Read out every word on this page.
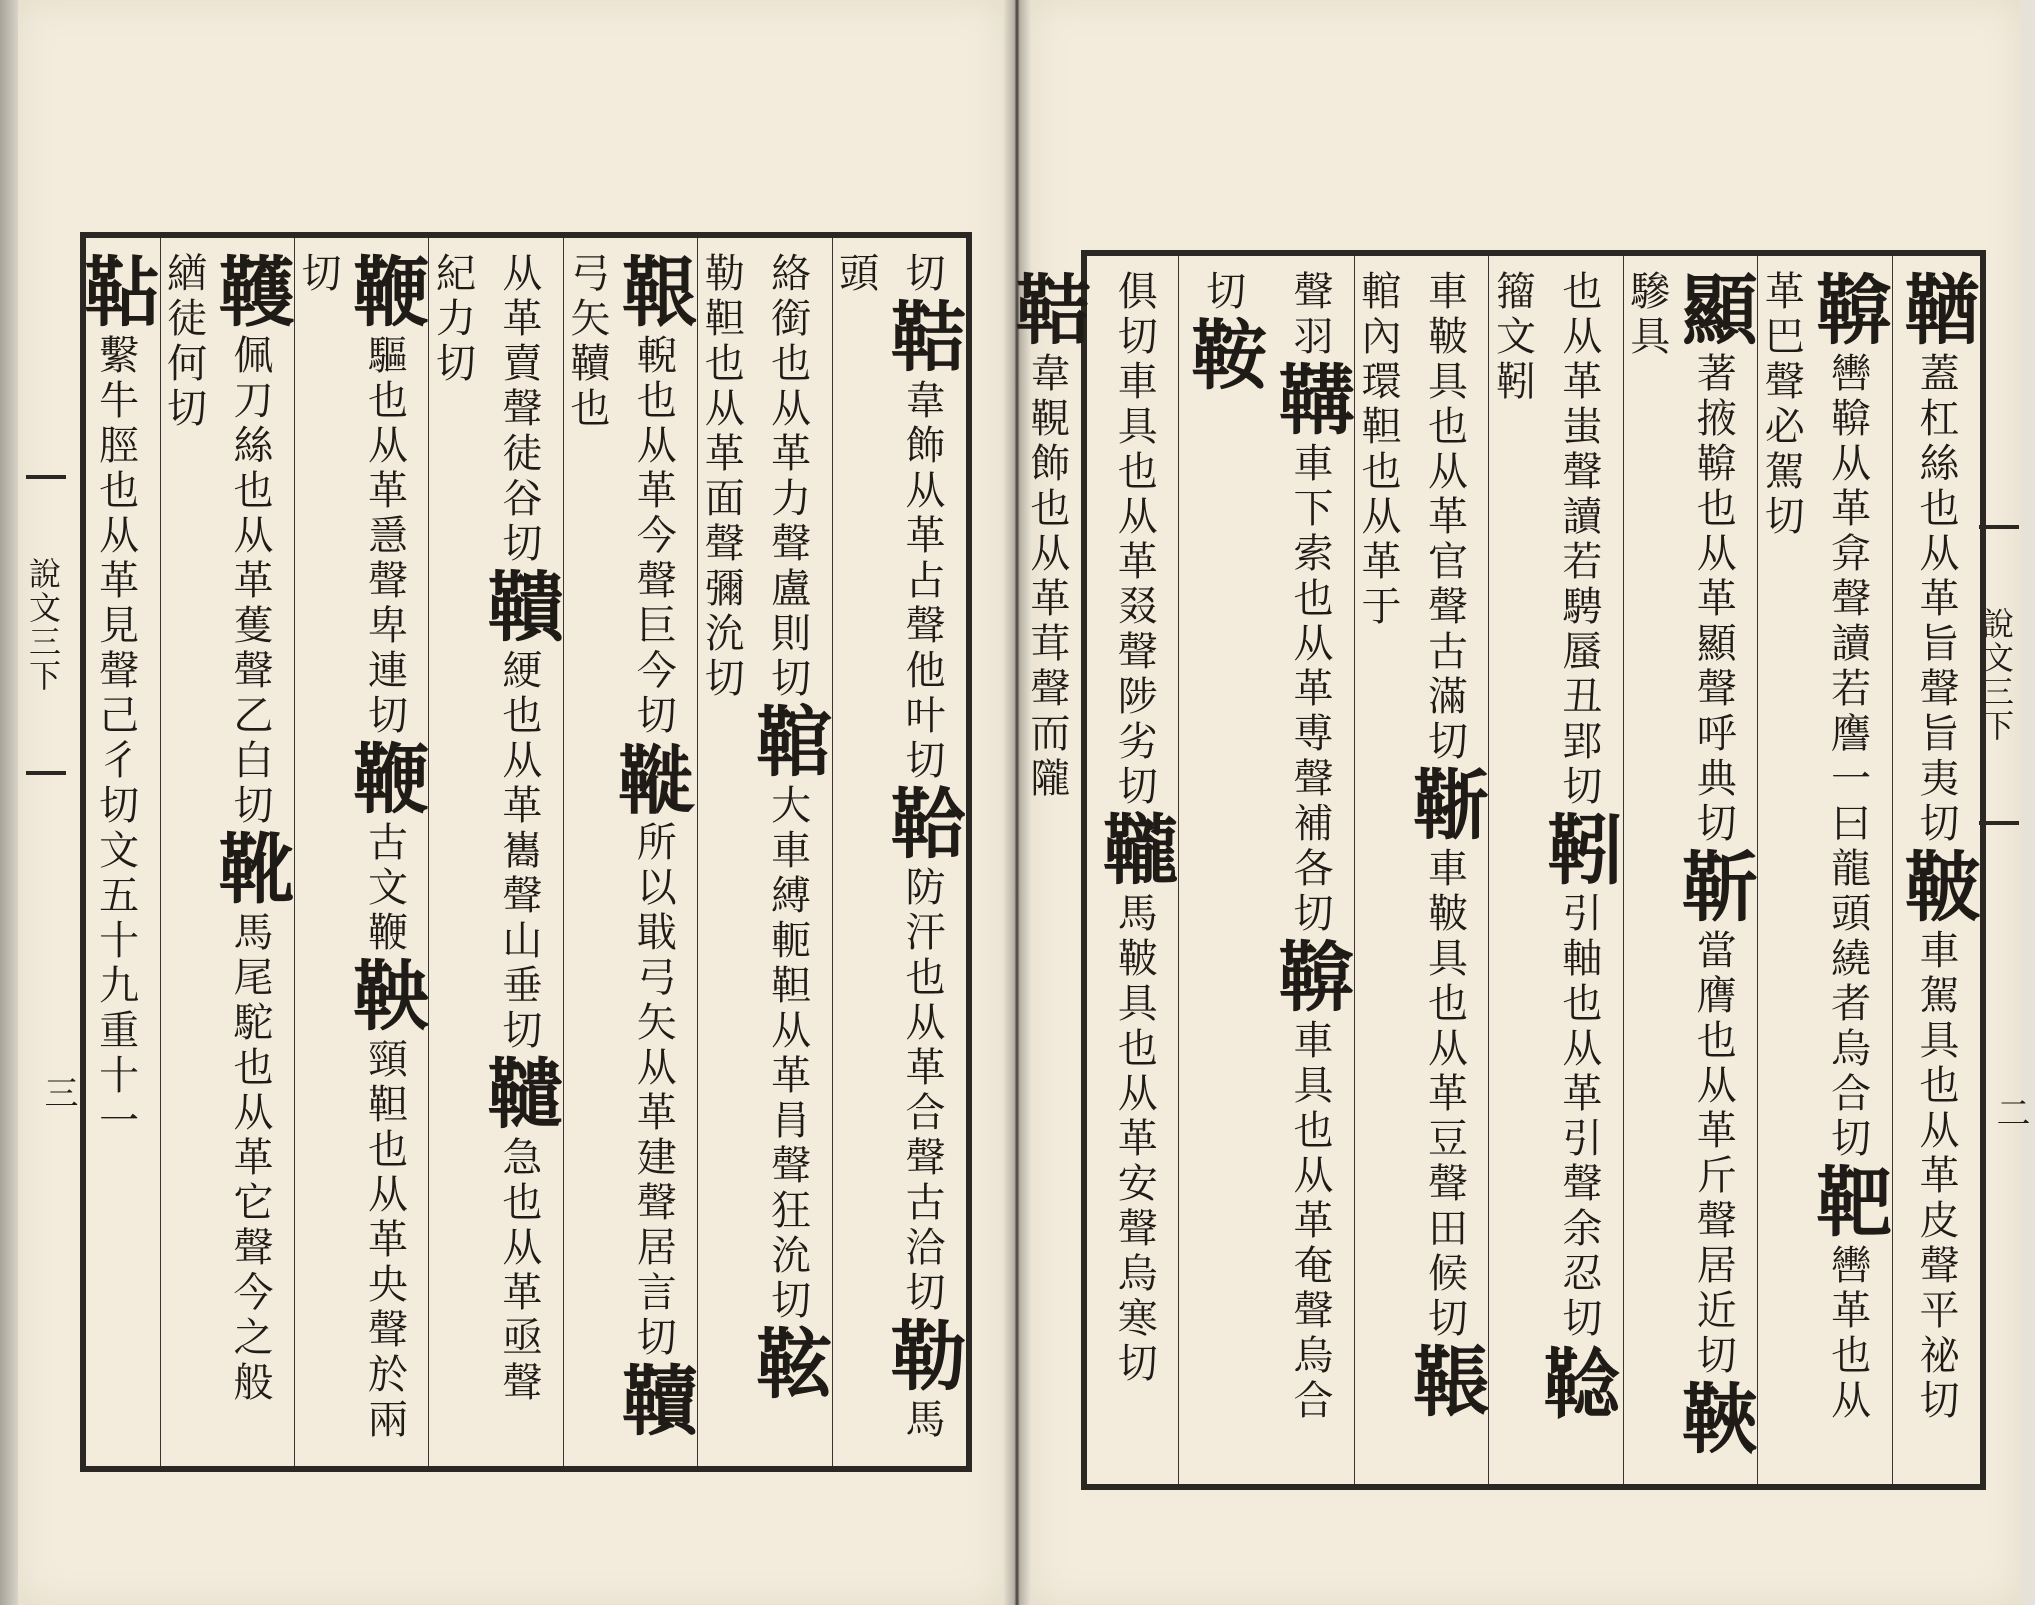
說文三下
三
切鞊韋飾从革占聲他叶切鞈防汗也从革合聲古洽切勒馬頭
絡銜也从革力聲盧則切䩪大車縛軛靼从革肙聲狂沇切䩙勒靼也从革面聲彌沇切
鞎輗也从革今聲巨今切𩌦所以戢弓矢从革建聲居言切韇弓矢韇也
从革賣聲徒谷切鞼綆也从革巂聲山垂切䪈急也从革亟聲紀力切
鞭驅也从革㥯聲卑連切鞭古文鞭鞅頸靼也从革央聲於兩切
韄佩刀絲也从革蒦聲乙白切靴馬尾駝也从革它聲今之般緧徒何切
䩞繫牛脛也从革見聲己彳切文五十九重十一	說文三下
二
鞧蓋杠絲也从革旨聲旨夷切鞁車駕具也从革皮聲平祕切
鞥轡鞥从革弇聲讀若譍一曰龍頭繞者烏合切靶轡革也从革巴聲必駕切
顯著掖鞥也从革顯聲呼典切靳當膺也从革斤聲居近切䩡驂具
也从革蚩聲讀若騁蜃丑郢切靷引軸也从革引聲余忍切𩋏籀文靷
車鞁具也从革官聲古滿切䩢車鞁具也从革豆聲田候切䩨輨內環靼也从革于
聲羽鞲車下索也从革尃聲補各切鞥車具也从革奄聲烏合切鞍
俱切車具也从革叕聲陟劣切䪊馬鞁具也从革安聲烏寒切鞊韋䩤飾也从革茸聲而隴
